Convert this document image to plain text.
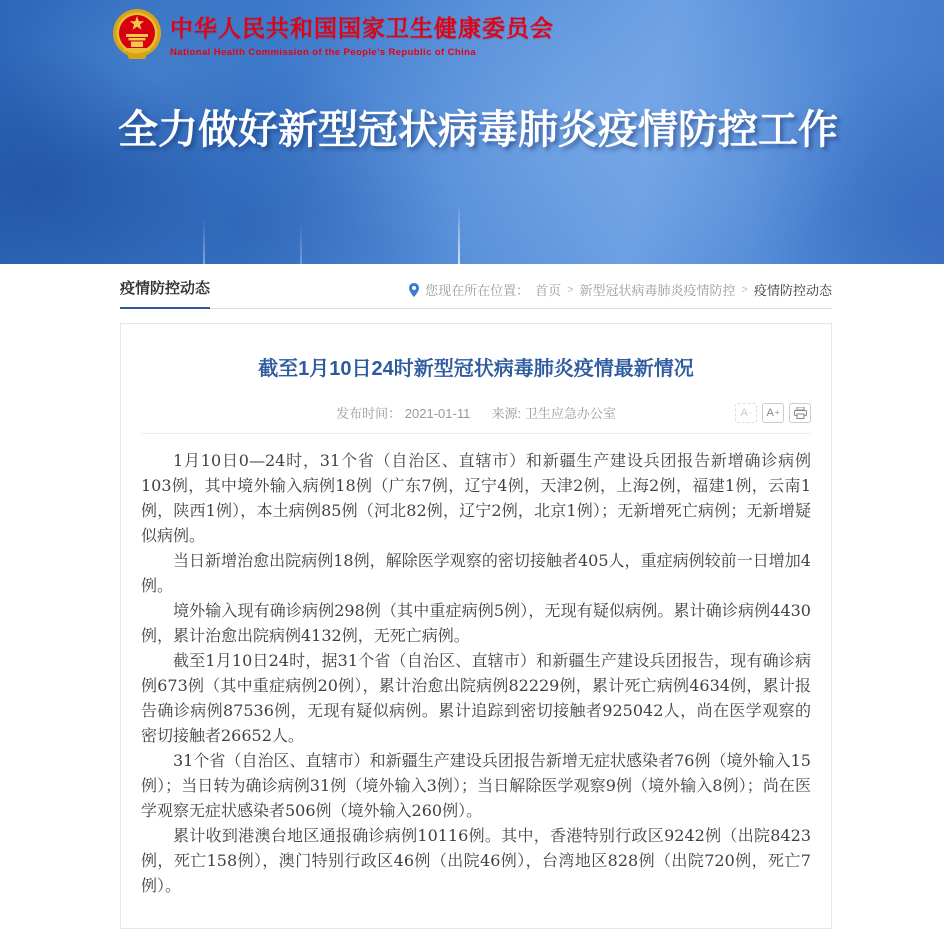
中华人民共和国国家卫生健康委员会
National Health Commission of the People's Republic of China
全力做好新型冠状病毒肺炎疫情防控工作
疫情防控动态	您现在所在位置： 首页 > 新型冠状病毒肺炎疫情防控 > 疫情防控动态
截至1月10日24时新型冠状病毒肺炎疫情最新情况
发布时间： 2021-01-11 来源: 卫生应急办公室	A - A +

1月10日0—24时，31个省（自治区、直辖市）和新疆生产建设兵团报告新增确诊病例103例，其中境外输入病例18例（广东7例，辽宁4例，天津2例，上海2例，福建1例，云南1例，陕西1例），本土病例85例（河北82例，辽宁2例，北京1例）；无新增死亡病例；无新增疑似病例。

当日新增治愈出院病例18例，解除医学观察的密切接触者405人，重症病例较前一日增加4例。

境外输入现有确诊病例298例（其中重症病例5例），无现有疑似病例。累计确诊病例4430例，累计治愈出院病例4132例，无死亡病例。

截至1月10日24时，据31个省（自治区、直辖市）和新疆生产建设兵团报告，现有确诊病例673例（其中重症病例20例），累计治愈出院病例82229例，累计死亡病例4634例，累计报告确诊病例87536例，无现有疑似病例。累计追踪到密切接触者925042人，尚在医学观察的密切接触者26652人。

31个省（自治区、直辖市）和新疆生产建设兵团报告新增无症状感染者76例（境外输入15例）；当日转为确诊病例31例（境外输入3例）；当日解除医学观察9例（境外输入8例）；尚在医学观察无症状感染者506例（境外输入260例）。

累计收到港澳台地区通报确诊病例10116例。其中，香港特别行政区9242例（出院8423例，死亡158例），澳门特别行政区46例（出院46例），台湾地区828例（出院720例，死亡7例）。
